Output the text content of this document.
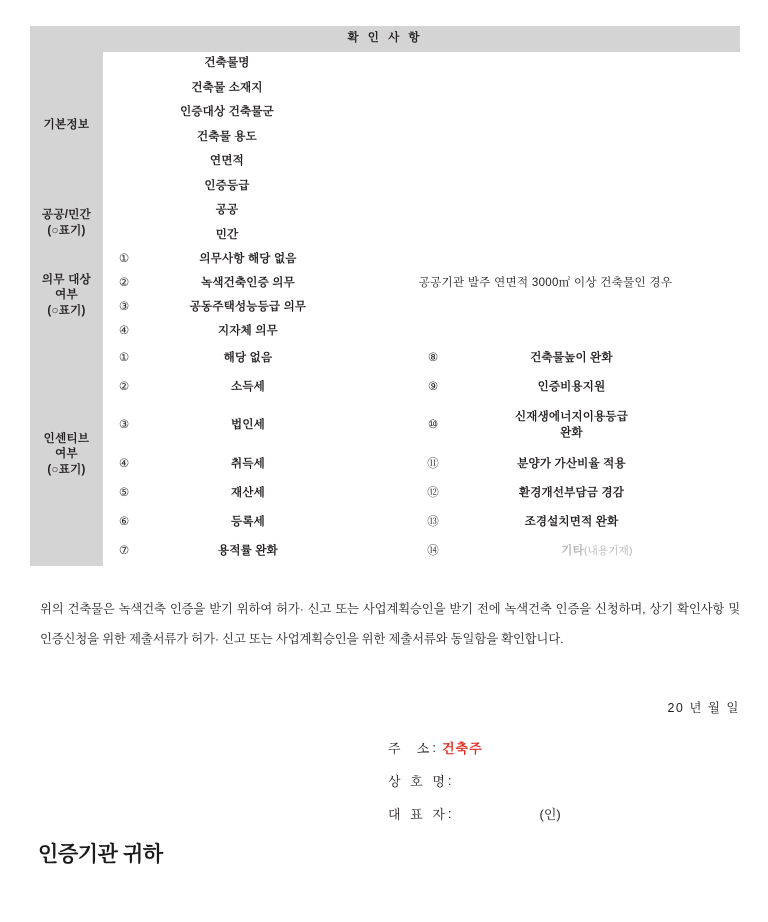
확 인 사 항							
기본정보	건축물명						
	건축물 소재지						
	인증대상 건축물군						
	건축물 용도						
	연면적						
	인증등급						

공공/민간
(○표기)	공공						
	민간						

의무 대상
여부
(○표기)	①	의무사항 해당 없음					
	②	녹색건축인증 의무	공공기관 발주 연면적 3000㎡ 이상 건축물인 경우				
	③	공동주택성능등급 의무					
	④	지자체 의무					

인센티브
여부
(○표기)	①	해당 없음		⑧	건축물높이 완화		
	②	소득세		⑨	인증비용지원		
	③	법인세		⑩	신재생에너지이용등급
완화		

	④	취득세		⑪	분양가 가산비율 적용		
	⑤	재산세		⑫	환경개선부담금 경감		
	⑥	등록세		⑬	조경설치면적 완화		
	⑦	용적률 완화		⑭	기타(내용기재)		
위의 건축물은 녹색건축 인증을 받기 위하여 허가· 신고 또는 사업계획승인을 받기 전에 녹색건축 인증을 신청하며, 상기 확인사항 및 인증신청을 위한 제출서류가 허가· 신고 또는 사업계획승인을 위한 제출서류와 동일함을 확인합니다.
20 년 월 일
주  소 : 건축주
상 호 명 :
대 표 자 :	(인)
인증기관 귀하
